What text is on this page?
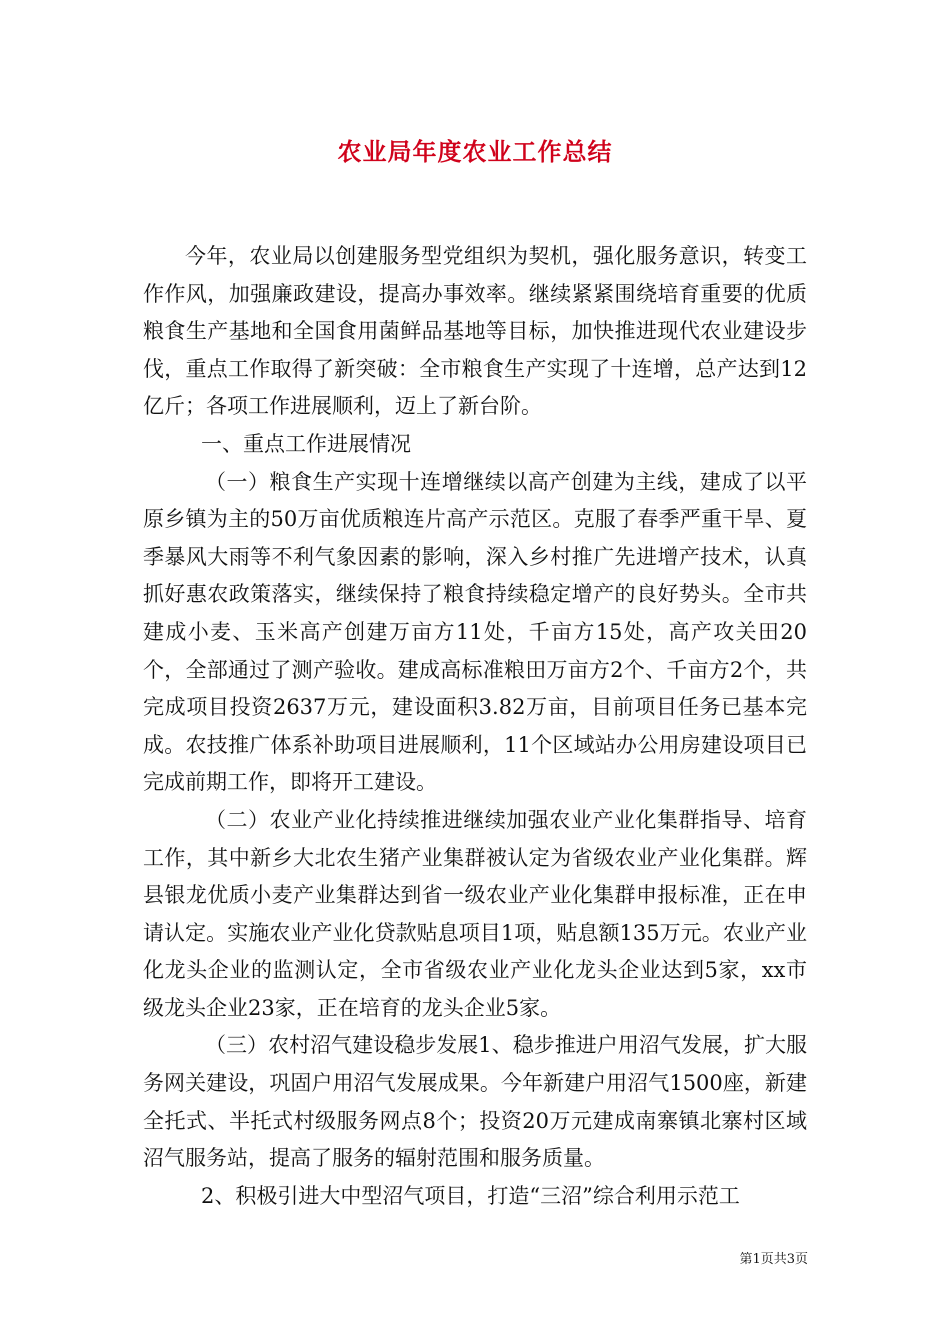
农业局年度农业工作总结

今年，农业局以创建服务型党组织为契机，强化服务意识，转变工作作风，加强廉政建设，提高办事效率。继续紧紧围绕培育重要的优质粮食生产基地和全国食用菌鲜品基地等目标，加快推进现代农业建设步伐，重点工作取得了新突破：全市粮食生产实现了十连增，总产达到12亿斤；各项工作进展顺利，迈上了新台阶。

一、重点工作进展情况

（一）粮食生产实现十连增继续以高产创建为主线，建成了以平原乡镇为主的50万亩优质粮连片高产示范区。克服了春季严重干旱、夏季暴风大雨等不利气象因素的影响，深入乡村推广先进增产技术，认真抓好惠农政策落实，继续保持了粮食持续稳定增产的良好势头。全市共建成小麦、玉米高产创建万亩方11处，千亩方15处，高产攻关田20个，全部通过了测产验收。建成高标准粮田万亩方2个、千亩方2个，共完成项目投资2637万元，建设面积3.82万亩，目前项目任务已基本完成。农技推广体系补助项目进展顺利，11个区域站办公用房建设项目已完成前期工作，即将开工建设。

（二）农业产业化持续推进继续加强农业产业化集群指导、培育工作，其中新乡大北农生猪产业集群被认定为省级农业产业化集群。辉县银龙优质小麦产业集群达到省一级农业产业化集群申报标准，正在申请认定。实施农业产业化贷款贴息项目1项，贴息额135万元。农业产业化龙头企业的监测认定，全市省级农业产业化龙头企业达到5家，xx市级龙头企业23家，正在培育的龙头企业5家。

（三）农村沼气建设稳步发展1、稳步推进户用沼气发展，扩大服务网关建设，巩固户用沼气发展成果。今年新建户用沼气1500座，新建全托式、半托式村级服务网点8个；投资20万元建成南寨镇北寨村区域沼气服务站，提高了服务的辐射范围和服务质量。

2、积极引进大中型沼气项目，打造“三沼”综合利用示范工

第1页共3页
